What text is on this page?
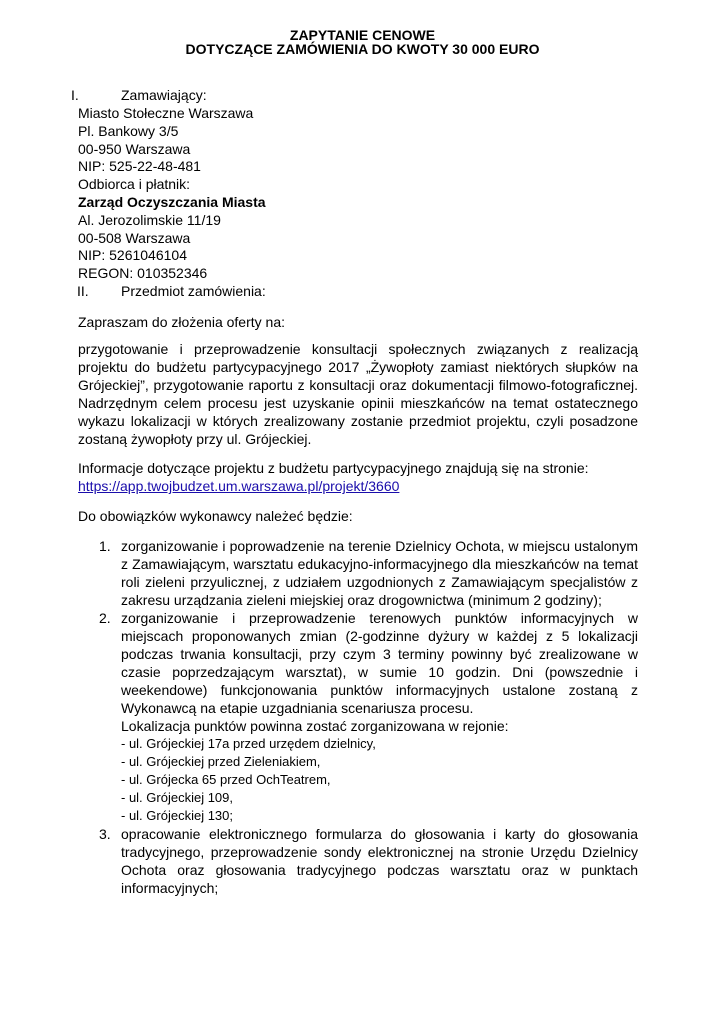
ZAPYTANIE CENOWE
DOTYCZĄCE ZAMÓWIENIA DO KWOTY 30 000 EURO
I.	Zamawiający:
Miasto Stołeczne Warszawa
Pl. Bankowy 3/5
00-950 Warszawa
NIP: 525-22-48-481
Odbiorca i płatnik:
Zarząd Oczyszczania Miasta
Al. Jerozolimskie 11/19
00-508 Warszawa
NIP: 5261046104
REGON: 010352346
II. Przedmiot zamówienia:
Zapraszam do złożenia oferty na:
przygotowanie i przeprowadzenie konsultacji społecznych związanych z realizacją projektu do budżetu partycypacyjnego 2017 „Żywopłoty zamiast niektórych słupków na Grójeckiej”, przygotowanie raportu z konsultacji oraz dokumentacji filmowo-fotograficznej. Nadrzędnym celem procesu jest uzyskanie opinii mieszkańców na temat ostatecznego wykazu lokalizacji w których zrealizowany zostanie przedmiot projektu, czyli posadzone zostaną żywopłoty przy ul. Grójeckiej.
Informacje dotyczące projektu z budżetu partycypacyjnego znajdują się na stronie:
https://app.twojbudzet.um.warszawa.pl/projekt/3660
Do obowiązków wykonawcy należeć będzie:
1. zorganizowanie i poprowadzenie na terenie Dzielnicy Ochota, w miejscu ustalonym z Zamawiającym, warsztatu edukacyjno-informacyjnego dla mieszkańców na temat roli zieleni przyulicznej, z udziałem uzgodnionych z Zamawiającym specjalistów z zakresu urządzania zieleni miejskiej oraz drogownictwa (minimum 2 godziny);
2. zorganizowanie i przeprowadzenie terenowych punktów informacyjnych w miejscach proponowanych zmian (2-godzinne dyżury w każdej z 5 lokalizacji podczas trwania konsultacji, przy czym 3 terminy powinny być zrealizowane w czasie poprzedzającym warsztat), w sumie 10 godzin. Dni (powszednie i weekendowe) funkcjonowania punktów informacyjnych ustalone zostaną z Wykonawcą na etapie uzgadniania scenariusza procesu.
Lokalizacja punktów powinna zostać zorganizowana w rejonie:
- ul. Grójeckiej 17a przed urzędem dzielnicy,
- ul. Grójeckiej przed Zieleniakiem,
- ul. Grójecka 65 przed OchTeatrem,
- ul. Grójeckiej 109,
- ul. Grójeckiej 130;
3. opracowanie elektronicznego formularza do głosowania i karty do głosowania tradycyjnego, przeprowadzenie sondy elektronicznej na stronie Urzędu Dzielnicy Ochota oraz głosowania tradycyjnego podczas warsztatu oraz w punktach informacyjnych;
